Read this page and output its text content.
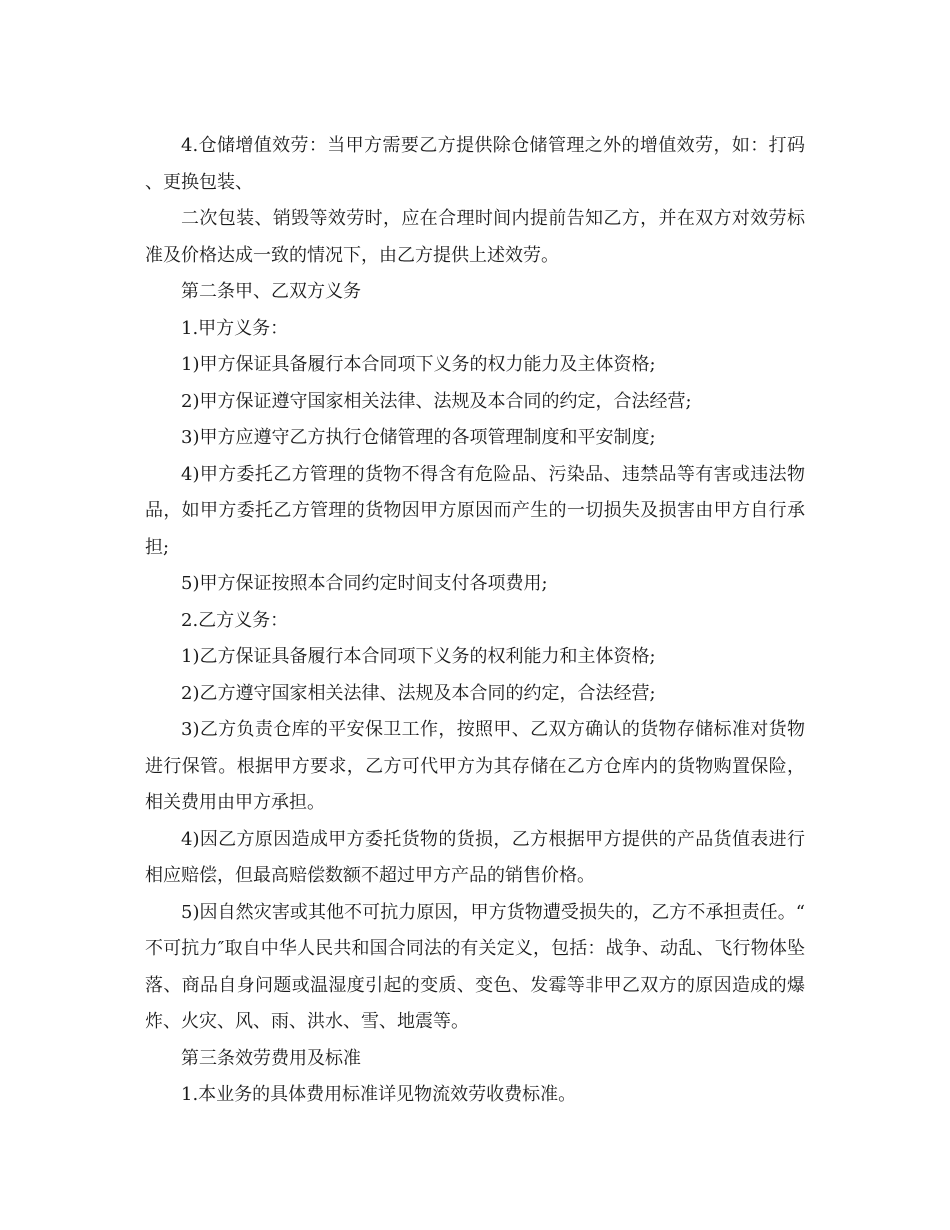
4.仓储增值效劳：当甲方需要乙方提供除仓储管理之外的增值效劳，如：打码、更换包装、

二次包装、销毁等效劳时，应在合理时间内提前告知乙方，并在双方对效劳标准及价格达成一致的情况下，由乙方提供上述效劳。

第二条甲、乙双方义务

1.甲方义务：

1)甲方保证具备履行本合同项下义务的权力能力及主体资格;

2)甲方保证遵守国家相关法律、法规及本合同的约定，合法经营;

3)甲方应遵守乙方执行仓储管理的各项管理制度和平安制度;

4)甲方委托乙方管理的货物不得含有危险品、污染品、违禁品等有害或违法物品，如甲方委托乙方管理的货物因甲方原因而产生的一切损失及损害由甲方自行承担;

5)甲方保证按照本合同约定时间支付各项费用;

2.乙方义务：

1)乙方保证具备履行本合同项下义务的权利能力和主体资格;

2)乙方遵守国家相关法律、法规及本合同的约定，合法经营;

3)乙方负责仓库的平安保卫工作，按照甲、乙双方确认的货物存储标准对货物进行保管。根据甲方要求，乙方可代甲方为其存储在乙方仓库内的货物购置保险，相关费用由甲方承担。

4)因乙方原因造成甲方委托货物的货损，乙方根据甲方提供的产品货值表进行相应赔偿，但最高赔偿数额不超过甲方产品的销售价格。

5)因自然灾害或其他不可抗力原因，甲方货物遭受损失的，乙方不承担责任。“不可抗力″取自中华人民共和国合同法的有关定义，包括：战争、动乱、飞行物体坠落、商品自身问题或温湿度引起的变质、变色、发霉等非甲乙双方的原因造成的爆炸、火灾、风、雨、洪水、雪、地震等。

第三条效劳费用及标准

1.本业务的具体费用标准详见物流效劳收费标准。
